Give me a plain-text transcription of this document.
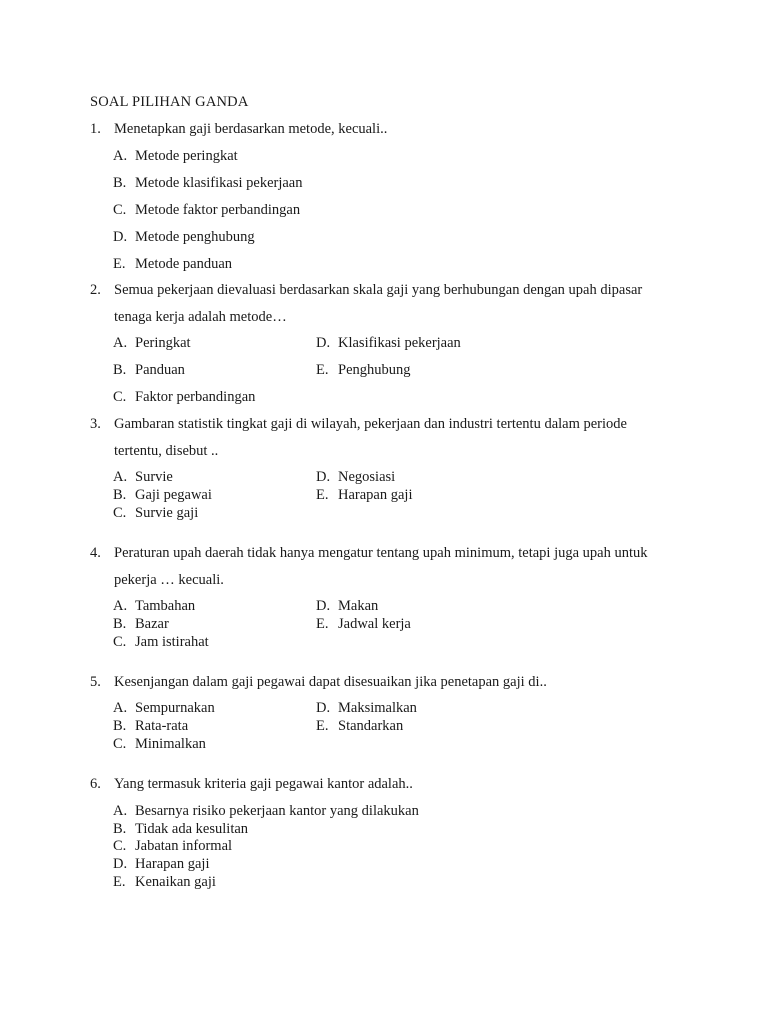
SOAL PILIHAN GANDA
1. Menetapkan gaji berdasarkan metode, kecuali..
A. Metode peringkat
B. Metode klasifikasi pekerjaan
C. Metode faktor perbandingan
D. Metode penghubung
E. Metode panduan
2. Semua pekerjaan dievaluasi berdasarkan skala gaji yang berhubungan dengan upah dipasar
tenaga kerja adalah metode…
A. Peringkat	D. Klasifikasi pekerjaan
B. Panduan	E. Penghubung
C. Faktor perbandingan
3. Gambaran statistik tingkat gaji di wilayah, pekerjaan dan industri tertentu dalam periode
tertentu, disebut ..
A. Survie	D. Negosiasi
B. Gaji pegawai	E. Harapan gaji
C. Survie gaji
4. Peraturan upah daerah tidak hanya mengatur tentang upah minimum, tetapi juga upah untuk
pekerja … kecuali.
A. Tambahan	D. Makan
B. Bazar	E. Jadwal kerja
C. Jam istirahat
5. Kesenjangan dalam gaji pegawai dapat disesuaikan jika penetapan gaji di..
A. Sempurnakan	D. Maksimalkan
B. Rata-rata	E. Standarkan
C. Minimalkan
6. Yang termasuk kriteria gaji pegawai kantor adalah..
A. Besarnya risiko pekerjaan kantor yang dilakukan
B. Tidak ada kesulitan
C. Jabatan informal
D. Harapan gaji
E. Kenaikan gaji
